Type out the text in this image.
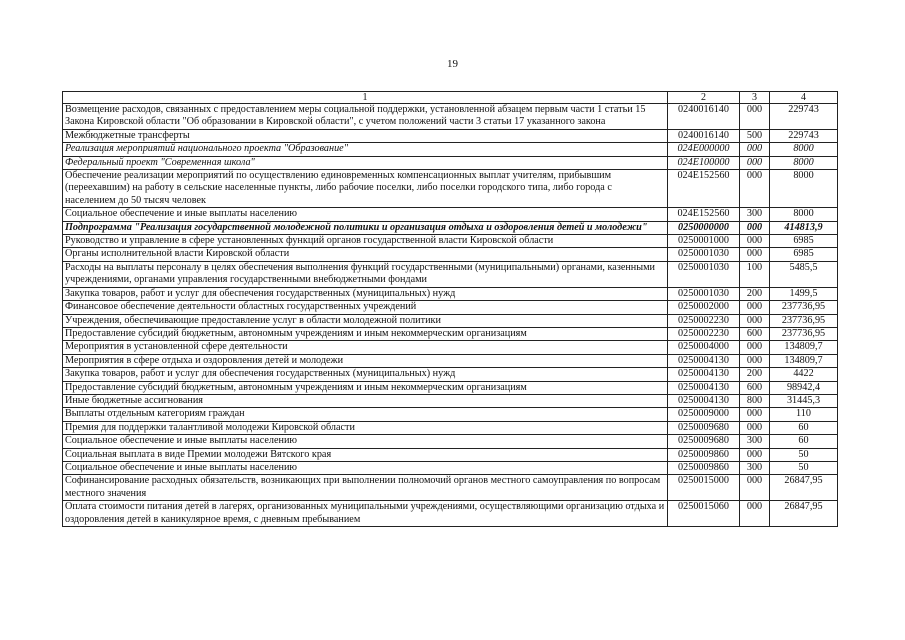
19
1	2	3	4
Возмещение расходов, связанных с предоставлением меры социальной поддержки, установленной абзацем первым части 1 статьи 15 Закона Кировской области "Об образовании в Кировской области", с учетом положений части 3 статьи 17 указанного закона	0240016140	000	229743
Межбюджетные трансферты	0240016140	500	229743
Реализация мероприятий национального проекта "Образование"	024E000000	000	8000
Федеральный проект "Современная школа"	024E100000	000	8000
Обеспечение реализации мероприятий по осуществлению единовременных компенсационных выплат учителям, прибывшим (переехавшим) на работу в сельские населенные пункты, либо рабочие поселки, либо поселки городского типа, либо города с населением до 50 тысяч человек	024E152560	000	8000
Социальное обеспечение и иные выплаты населению	024E152560	300	8000
Подпрограмма "Реализация государственной молодежной политики и организация отдыха и оздоровления детей и молодежи"	0250000000	000	414813,9
Руководство и управление в сфере установленных функций органов государственной власти Кировской области	0250001000	000	6985
Органы исполнительной власти Кировской области	0250001030	000	6985
Расходы на выплаты персоналу в целях обеспечения выполнения функций государственными (муниципальными) органами, казенными учреждениями, органами управления государственными внебюджетными фондами	0250001030	100	5485,5
Закупка товаров, работ и услуг для обеспечения государственных (муниципальных) нужд	0250001030	200	1499,5
Финансовое обеспечение деятельности областных государственных учреждений	0250002000	000	237736,95
Учреждения, обеспечивающие предоставление услуг в области молодежной политики	0250002230	000	237736,95
Предоставление субсидий бюджетным, автономным учреждениям и иным некоммерческим организациям	0250002230	600	237736,95
Мероприятия в установленной сфере деятельности	0250004000	000	134809,7
Мероприятия в сфере отдыха и оздоровления детей и молодежи	0250004130	000	134809,7
Закупка товаров, работ и услуг для обеспечения государственных (муниципальных) нужд	0250004130	200	4422
Предоставление субсидий бюджетным, автономным учреждениям и иным некоммерческим организациям	0250004130	600	98942,4
Иные бюджетные ассигнования	0250004130	800	31445,3
Выплаты отдельным категориям граждан	0250009000	000	110
Премия для поддержки талантливой молодежи Кировской области	0250009680	000	60
Социальное обеспечение и иные выплаты населению	0250009680	300	60
Социальная выплата в виде Премии молодежи Вятского края	0250009860	000	50
Социальное обеспечение и иные выплаты населению	0250009860	300	50
Софинансирование расходных обязательств, возникающих при выполнении полномочий органов местного самоуправления по вопросам местного значения	0250015000	000	26847,95
Оплата стоимости питания детей в лагерях, организованных муниципальными учреждениями, осуществляющими организацию отдыха и оздоровления детей в каникулярное время, с дневным пребыванием	0250015060	000	26847,95
